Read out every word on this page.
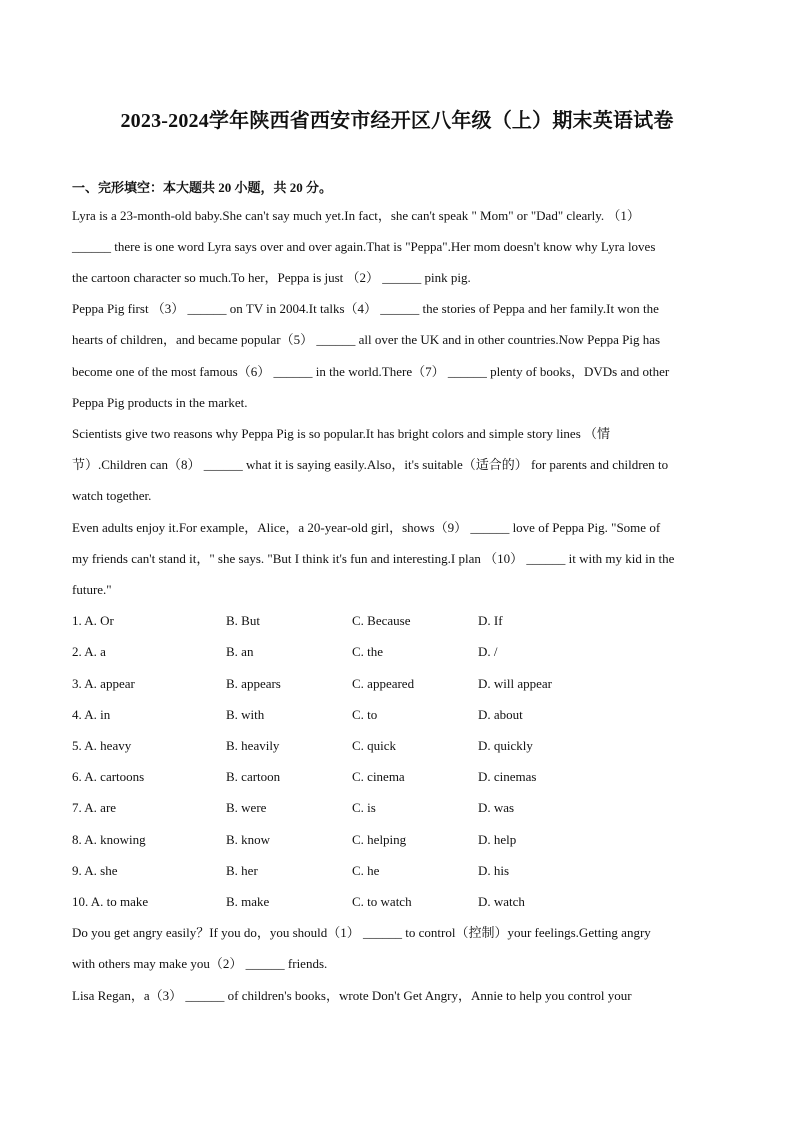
2023-2024学年陕西省西安市经开区八年级（上）期末英语试卷
一、完形填空：本大题共 20 小题，共 20 分。
Lyra is a 23-month-old baby.She can't say much yet.In fact，she can't speak " Mom" or "Dad" clearly. （1）
______ there is one word Lyra says over and over again.That is "Peppa".Her mom doesn't know why Lyra loves
the cartoon character so much.To her，Peppa is just （2） ______ pink pig.
Peppa Pig first （3） ______ on TV in 2004.It talks（4） ______ the stories of Peppa and her family.It won the
hearts of children，and became popular（5） ______ all over the UK and in other countries.Now Peppa Pig has
become one of the most famous（6） ______ in the world.There（7） ______ plenty of books，DVDs and other
Peppa Pig products in the market.
Scientists give two reasons why Peppa Pig is so popular.It has bright colors and simple story lines （情
节）.Children can（8） ______ what it is saying easily.Also，it's suitable（适合的） for parents and children to
watch together.
Even adults enjoy it.For example，Alice，a 20-year-old girl，shows（9） ______ love of Peppa Pig. "Some of
my friends can't stand it，" she says. "But I think it's fun and interesting.I plan （10） ______ it with my kid in the
future."
1. A. Or	B. But	C. Because	D. If
2. A. a	B. an	C. the	D. /
3. A. appear	B. appears	C. appeared	D. will appear
4. A. in	B. with	C. to	D. about
5. A. heavy	B. heavily	C. quick	D. quickly
6. A. cartoons	B. cartoon	C. cinema	D. cinemas
7. A. are	B. were	C. is	D. was
8. A. knowing	B. know	C. helping	D. help
9. A. she	B. her	C. he	D. his
10. A. to make	B. make	C. to watch	D. watch
Do you get angry easily？If you do，you should（1） ______ to control（控制）your feelings.Getting angry
with others may make you（2） ______ friends.
Lisa Regan，a（3） ______ of children's books，wrote Don't Get Angry，Annie to help you control your
